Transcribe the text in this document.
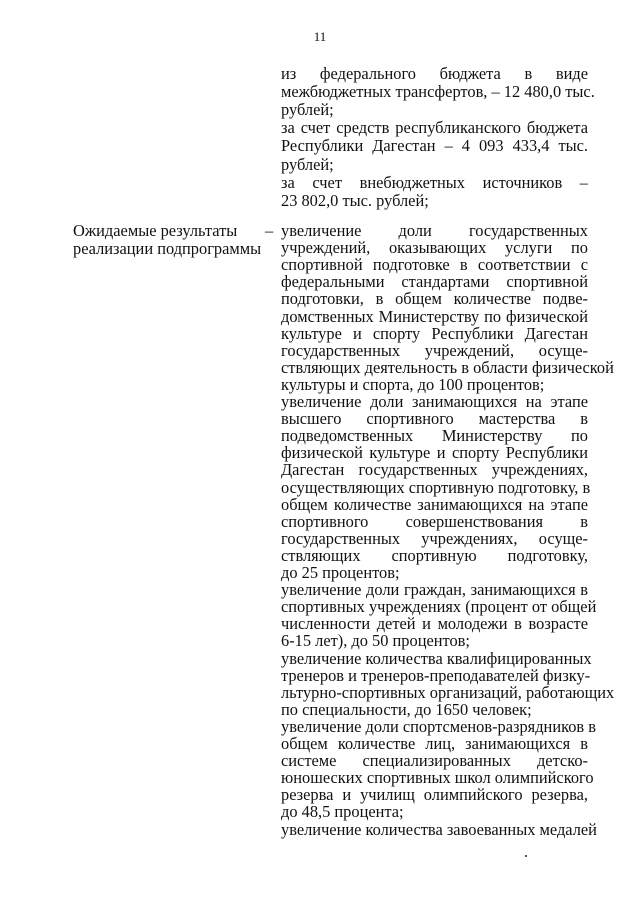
11
из федерального бюджета в виде
межбюджетных трансфертов, – 12 480,0 тыс.
рублей;
за счет средств республиканского бюджета
Республики Дагестан – 4 093 433,4 тыс.
рублей;
за счет внебюджетных источников –
23 802,0 тыс. рублей;
Ожидаемые результаты
реализации подпрограммы
– увеличение доли государственных
учреждений, оказывающих услуги по
спортивной подготовке в соответствии с
федеральными стандартами спортивной
подготовки, в общем количестве подве-
домственных Министерству по физической
культуре и спорту Республики Дагестан
государственных учреждений, осуще-
ствляющих деятельность в области физической
культуры и спорта, до 100 процентов;
увеличение доли занимающихся на этапе
высшего спортивного мастерства в
подведомственных Министерству по
физической культуре и спорту Республики
Дагестан государственных учреждениях,
осуществляющих спортивную подготовку, в
общем количестве занимающихся на этапе
спортивного совершенствования в
государственных учреждениях, осуще-
ствляющих спортивную подготовку,
до 25 процентов;
увеличение доли граждан, занимающихся в
спортивных учреждениях (процент от общей
численности детей и молодежи в возрасте
6-15 лет), до 50 процентов;
увеличение количества квалифицированных
тренеров и тренеров-преподавателей физку-
льтурно-спортивных организаций, работающих
по специальности, до 1650 человек;
увеличение доли спортсменов-разрядников в
общем количестве лиц, занимающихся в
системе специализированных детско-
юношеских спортивных школ олимпийского
резерва и училищ олимпийского резерва,
до 48,5 процента;
увеличение количества завоеванных медалей
